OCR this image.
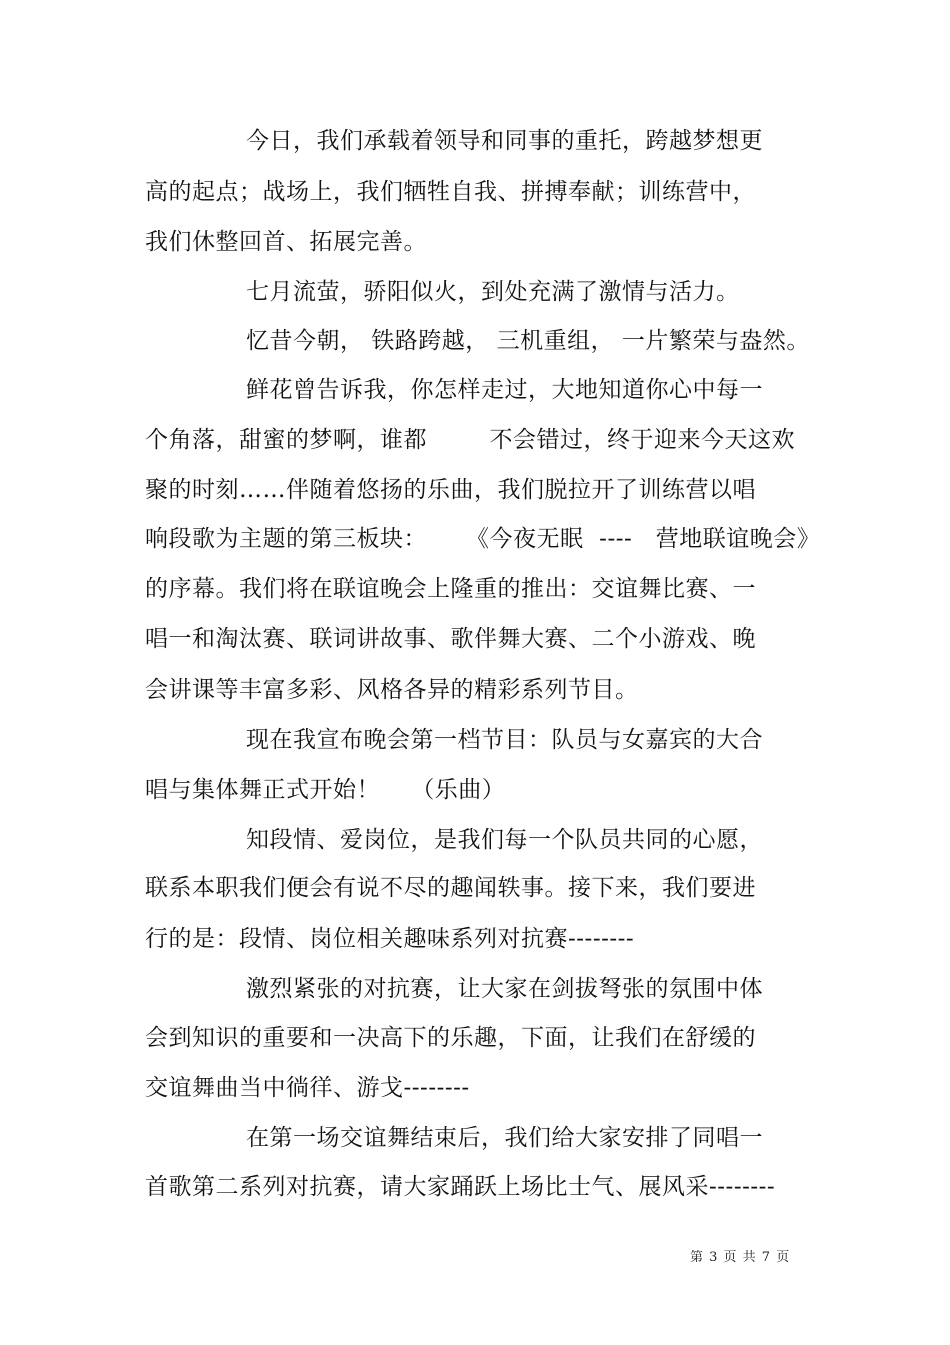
今日，我们承载着领导和同事的重托，跨越梦想更
高的起点；战场上，我们牺牲自我、拼搏奉献；训练营中，
我们休整回首、拓展完善。
七月流萤，骄阳似火，到处充满了激情与活力。
忆昔今朝， 铁路跨越， 三机重组， 一片繁荣与盎然。
鲜花曾告诉我，你怎样走过，大地知道你心中每一
个角落，甜蜜的梦啊，谁都        不会错过，终于迎来今天这欢
聚的时刻……伴随着悠扬的乐曲，我们脱拉开了训练营以唱
响段歌为主题的第三板块：     《今夜无眠  ----   营地联谊晚会》
的序幕。我们将在联谊晚会上隆重的推出：交谊舞比赛、一
唱一和淘汰赛、联词讲故事、歌伴舞大赛、二个小游戏、晚
会讲课等丰富多彩、风格各异的精彩系列节目。
现在我宣布晚会第一档节目：队员与女嘉宾的大合
唱与集体舞正式开始！    （乐曲）
知段情、爱岗位，是我们每一个队员共同的心愿，
联系本职我们便会有说不尽的趣闻轶事。接下来，我们要进
行的是：段情、岗位相关趣味系列对抗赛--------
激烈紧张的对抗赛，让大家在剑拔弩张的氛围中体
会到知识的重要和一决高下的乐趣，下面，让我们在舒缓的
交谊舞曲当中徜徉、游戈--------
在第一场交谊舞结束后，我们给大家安排了同唱一
首歌第二系列对抗赛，请大家踊跃上场比士气、展风采--------
第 3 页 共 7 页
